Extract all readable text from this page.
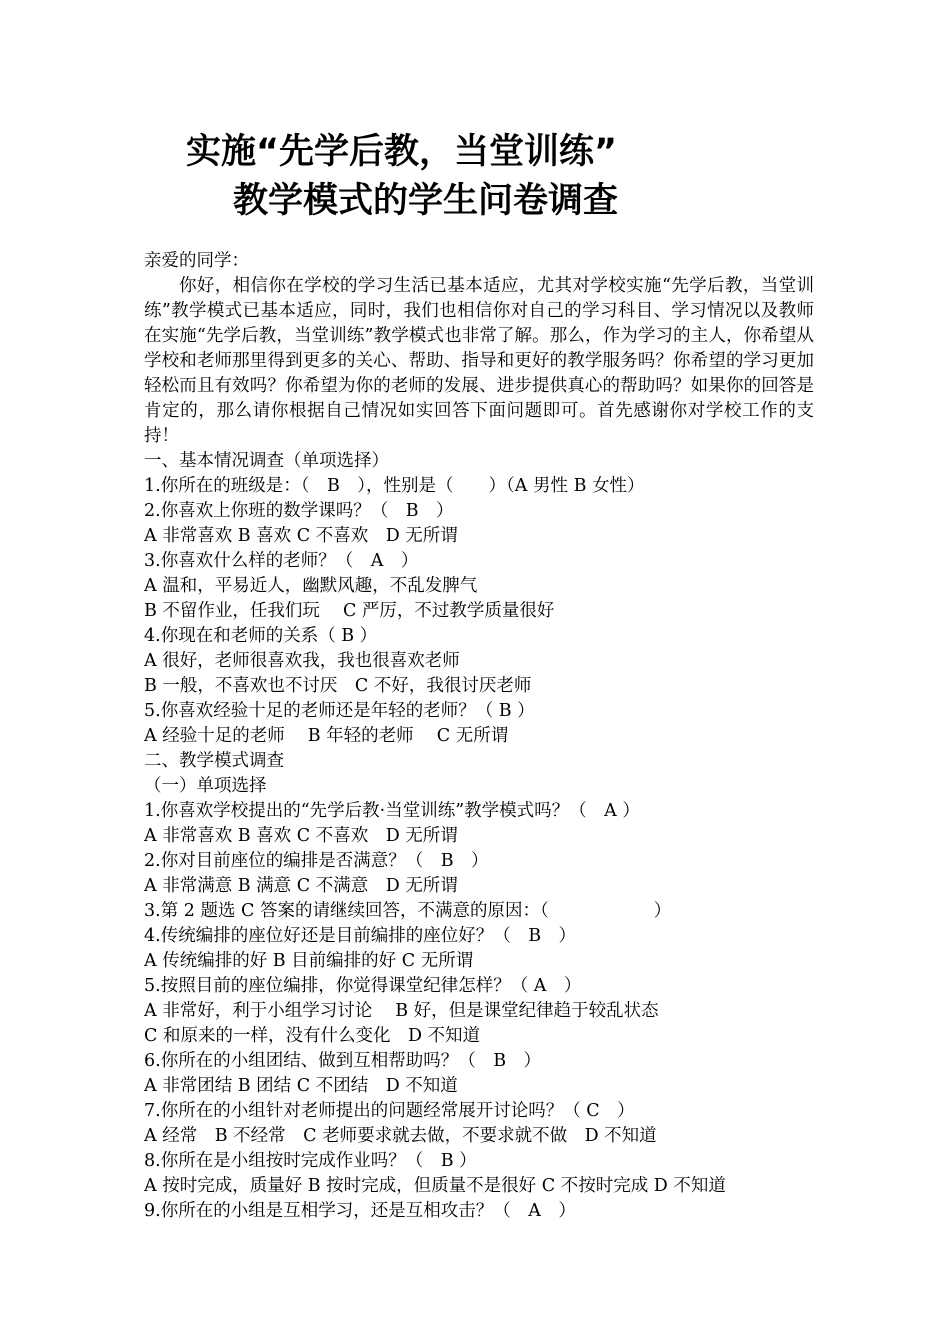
实施“先学后教，当堂训练”
教学模式的学生问卷调查
亲爱的同学：

你好，相信你在学校的学习生活已基本适应，尤其对学校实施“先学后教，当堂训练”教学模式已基本适应，同时，我们也相信你对自己的学习科目、学习情况以及教师在实施“先学后教，当堂训练”教学模式也非常了解。那么，作为学习的主人，你希望从学校和老师那里得到更多的关心、帮助、指导和更好的教学服务吗？你希望的学习更加轻松而且有效吗？你希望为你的老师的发展、进步提供真心的帮助吗？如果你的回答是肯定的，那么请你根据自己情况如实回答下面问题即可。首先感谢你对学校工作的支持！

一、基本情况调查（单项选择）
1.你所在的班级是：（　B　），性别是（　　）（A 男性 B 女性）
2.你喜欢上你班的数学课吗？（　B　）
A 非常喜欢 B 喜欢 C 不喜欢　D 无所谓
3.你喜欢什么样的老师？（　A　）
A 温和，平易近人，幽默风趣，不乱发脾气
B 不留作业，任我们玩　 C 严厉，不过教学质量很好
4.你现在和老师的关系（ B ）
A 很好，老师很喜欢我，我也很喜欢老师
B 一般，不喜欢也不讨厌　C 不好，我很讨厌老师
5.你喜欢经验十足的老师还是年轻的老师？（ B ）
A 经验十足的老师　 B 年轻的老师　 C 无所谓
二、教学模式调查
（一）单项选择
1.你喜欢学校提出的“先学后教·当堂训练”教学模式吗？（　A ）
A 非常喜欢 B 喜欢 C 不喜欢　D 无所谓
2.你对目前座位的编排是否满意？（　B　）
A 非常满意 B 满意 C 不满意　D 无所谓
3.第 2 题选 C 答案的请继续回答，不满意的原因：（　　　　　　）
4.传统编排的座位好还是目前编排的座位好？（　B　）
A 传统编排的好 B 目前编排的好 C 无所谓
5.按照目前的座位编排，你觉得课堂纪律怎样？（ A　）
A 非常好，利于小组学习讨论　 B 好，但是课堂纪律趋于较乱状态
C 和原来的一样，没有什么变化　D 不知道
6.你所在的小组团结、做到互相帮助吗？（　B　）
A 非常团结 B 团结 C 不团结　D 不知道
7.你所在的小组针对老师提出的问题经常展开讨论吗？（ C　）
A 经常　B 不经常　C 老师要求就去做，不要求就不做　D 不知道
8.你所在是小组按时完成作业吗？（　B ）
A 按时完成，质量好 B 按时完成，但质量不是很好 C 不按时完成 D 不知道
9.你所在的小组是互相学习，还是互相攻击？（　A　）
